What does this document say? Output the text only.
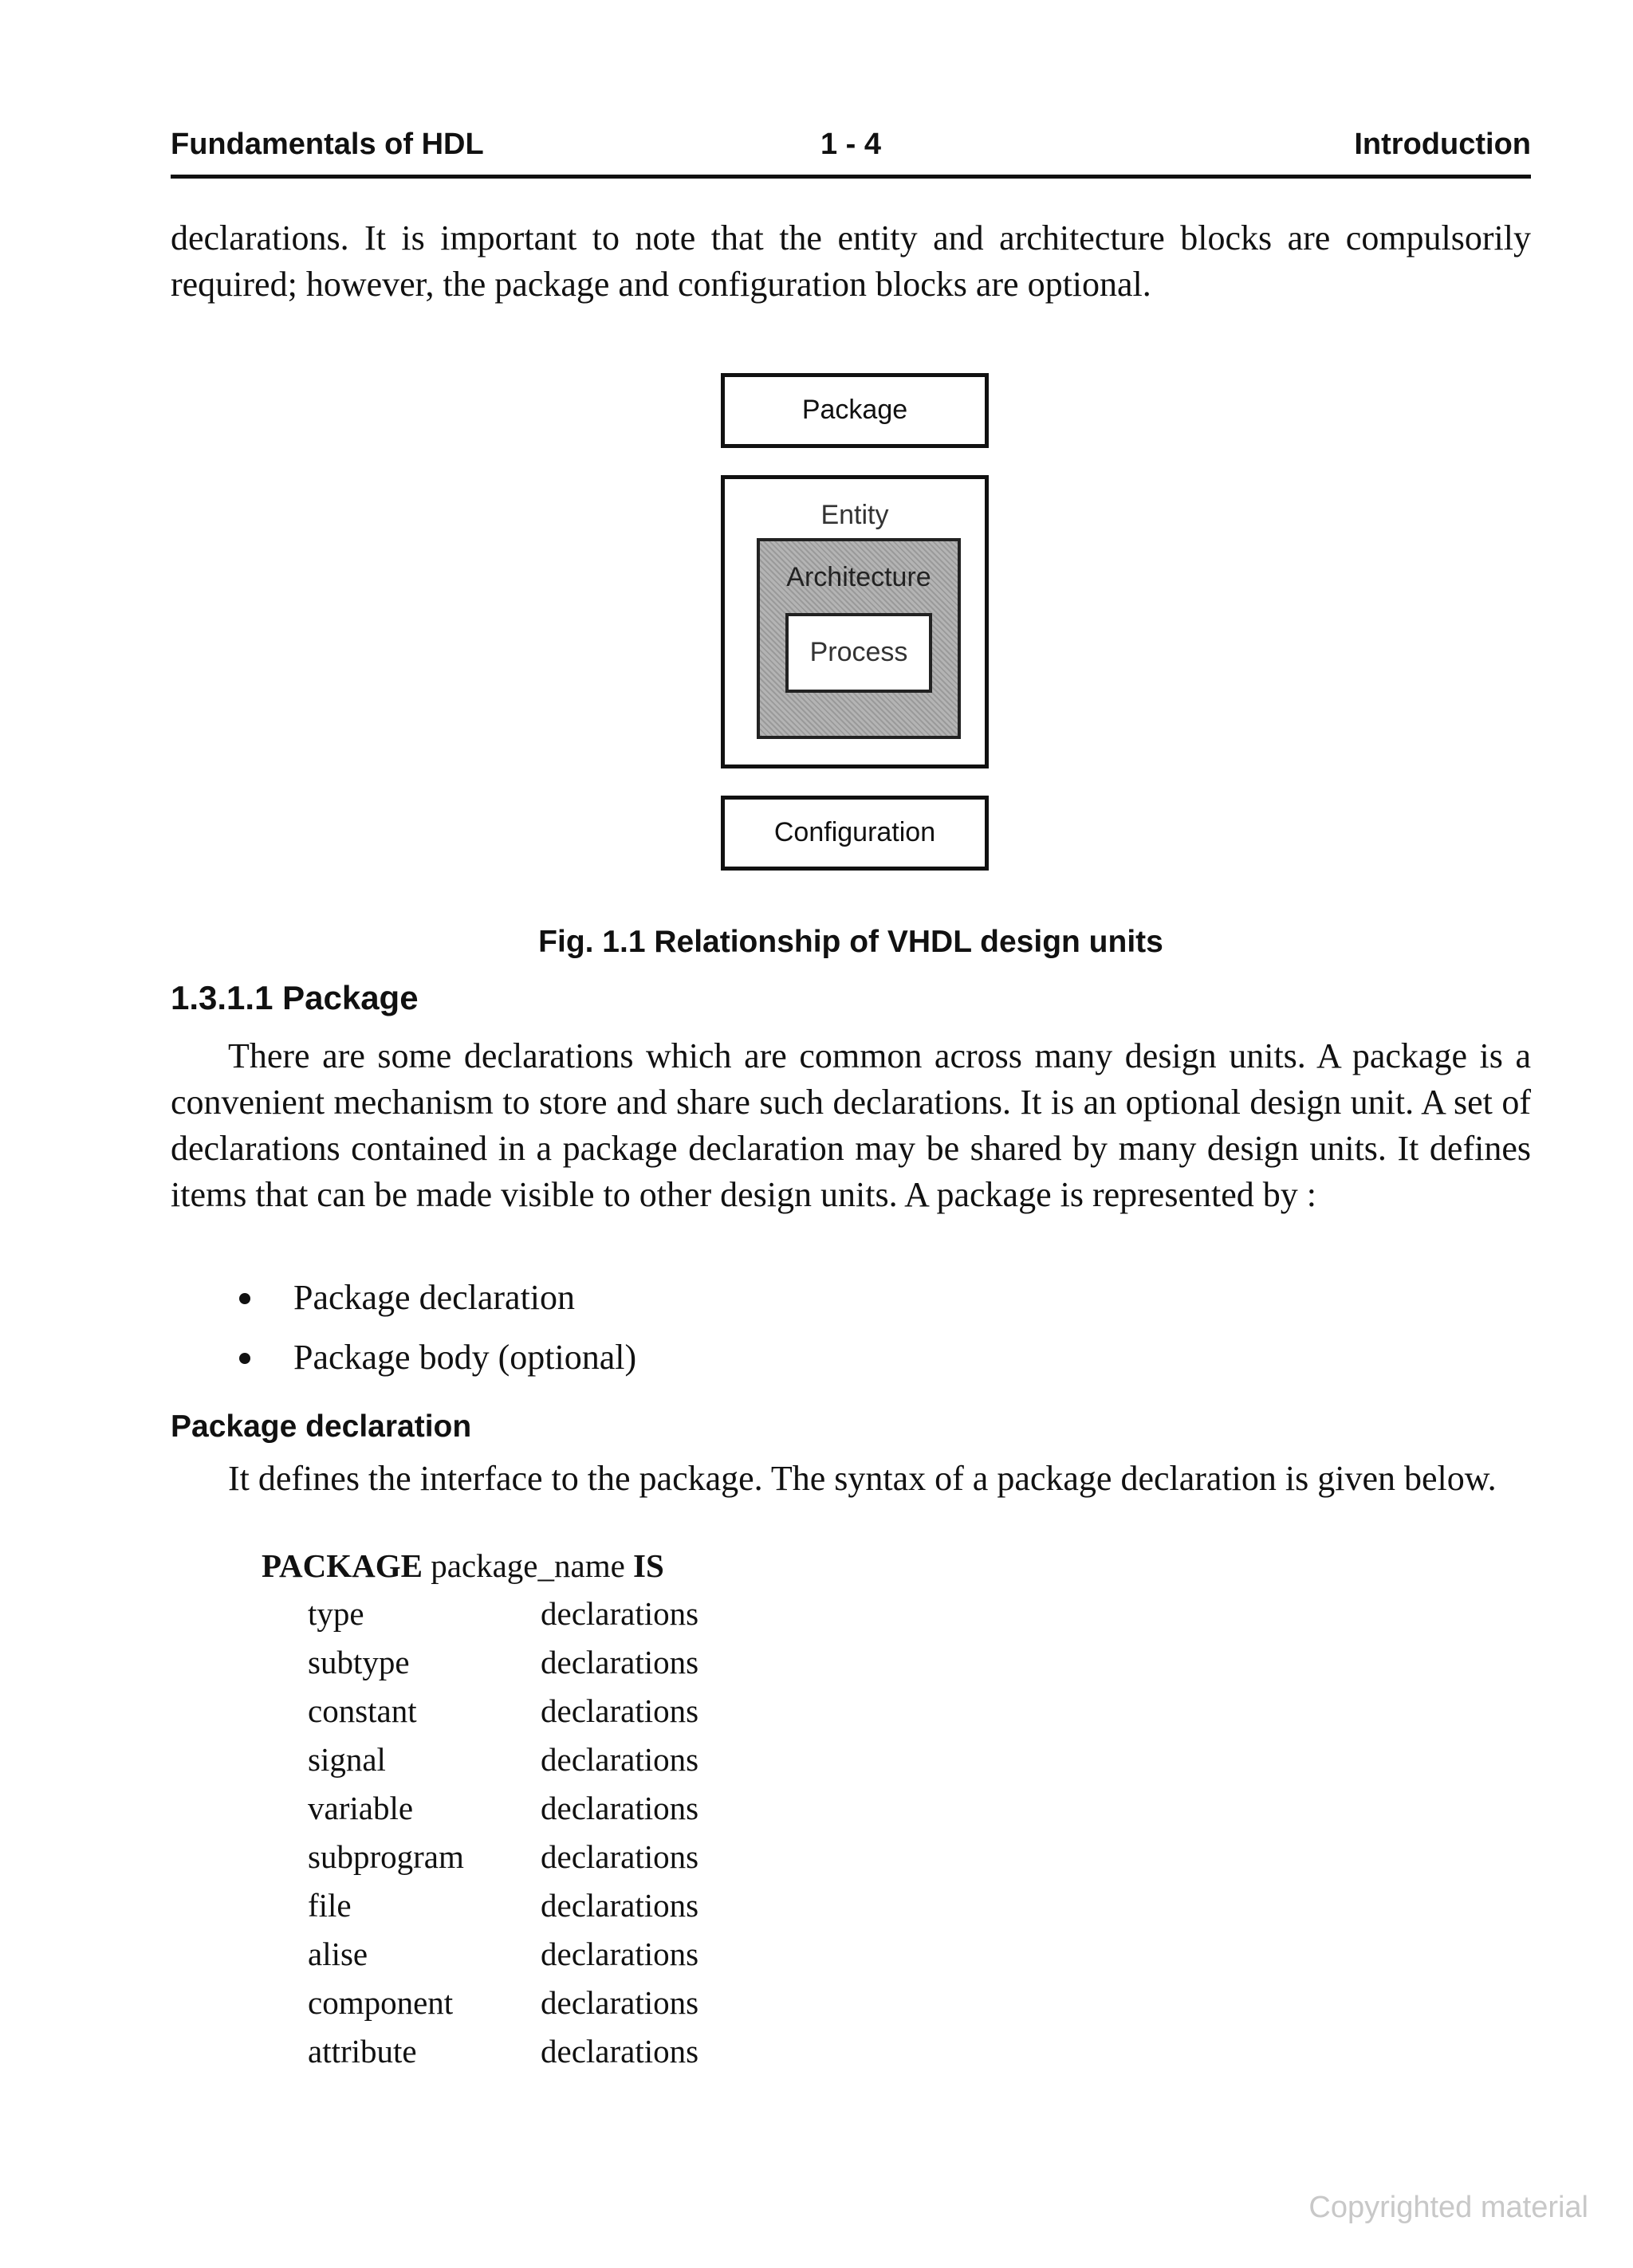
Fundamentals of HDL	1 - 4	Introduction

declarations. It is important to note that the entity and architecture blocks are compulsorily required; however, the package and configuration blocks are optional.

Package
Entity
Architecture
Process
Configuration
Fig. 1.1 Relationship of VHDL design units
1.3.1.1 Package

There are some declarations which are common across many design units. A package is a convenient mechanism to store and share such declarations. It is an optional design unit. A set of declarations contained in a package declaration may be shared by many design units. It defines items that can be made visible to other design units. A package is represented by :

Package declaration
Package body (optional)
Package declaration

It defines the interface to the package. The syntax of a package declaration is given below.

PACKAGE package_name IS
type	declarations
subtype	declarations
constant	declarations
signal	declarations
variable	declarations
subprogram declarations
file	declarations
alise	declarations
component	declarations
attribute	declarations
Copyrighted material
